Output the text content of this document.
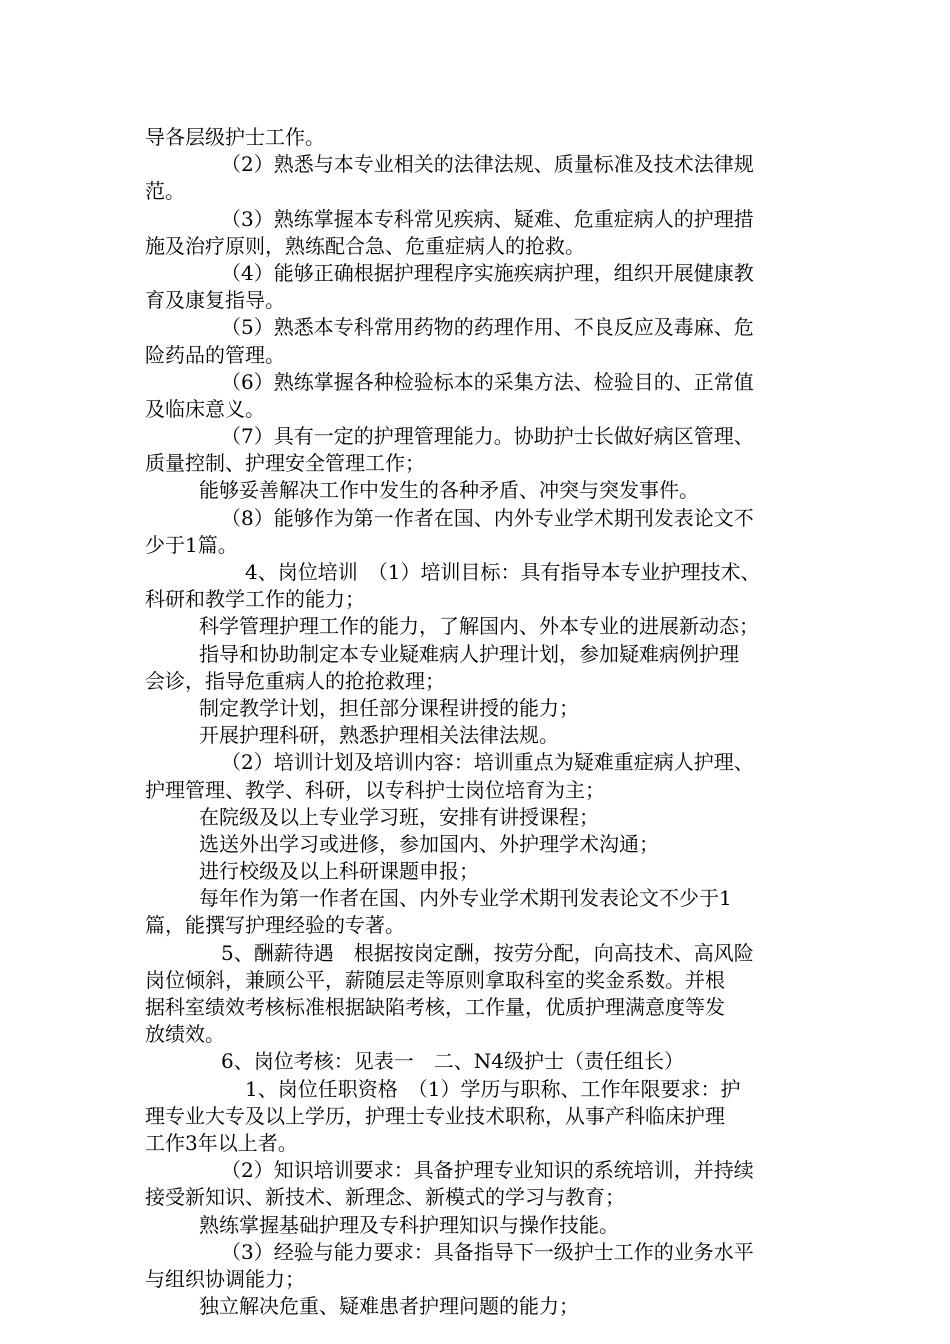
导各层级护士工作。
（2）熟悉与本专业相关的法律法规、质量标准及技术法律规
范。
（3）熟练掌握本专科常见疾病、疑难、危重症病人的护理措
施及治疗原则，熟练配合急、危重症病人的抢救。
（4）能够正确根据护理程序实施疾病护理，组织开展健康教
育及康复指导。
（5）熟悉本专科常用药物的药理作用、不良反应及毒麻、危
险药品的管理。
（6）熟练掌握各种检验标本的采集方法、检验目的、正常值
及临床意义。
（7）具有一定的护理管理能力。协助护士长做好病区管理、
质量控制、护理安全管理工作；
能够妥善解决工作中发生的各种矛盾、冲突与突发事件。
（8）能够作为第一作者在国、内外专业学术期刊发表论文不
少于1篇。
4、岗位培训　（1）培训目标：具有指导本专业护理技术、
科研和教学工作的能力；
科学管理护理工作的能力，了解国内、外本专业的进展新动态；
指导和协助制定本专业疑难病人护理计划，参加疑难病例护理
会诊，指导危重病人的抢抢救理；
制定教学计划，担任部分课程讲授的能力；
开展护理科研，熟悉护理相关法律法规。
（2）培训计划及培训内容：培训重点为疑难重症病人护理、
护理管理、教学、科研，以专科护士岗位培育为主；
在院级及以上专业学习班，安排有讲授课程；
选送外出学习或进修，参加国内、外护理学术沟通；
进行校级及以上科研课题申报；
每年作为第一作者在国、内外专业学术期刊发表论文不少于1
篇，能撰写护理经验的专著。
5、酬薪待遇　根据按岗定酬，按劳分配，向高技术、高风险
岗位倾斜，兼顾公平，薪随层走等原则拿取科室的奖金系数。并根
据科室绩效考核标准根据缺陷考核，工作量，优质护理满意度等发
放绩效。
6、岗位考核：见表一　二、N4级护士（责任组长）
1、岗位任职资格　（1）学历与职称、工作年限要求：护
理专业大专及以上学历，护理士专业技术职称，从事产科临床护理
工作3年以上者。
（2）知识培训要求：具备护理专业知识的系统培训，并持续
接受新知识、新技术、新理念、新模式的学习与教育；
熟练掌握基础护理及专科护理知识与操作技能。
（3）经验与能力要求：具备指导下一级护士工作的业务水平
与组织协调能力；
独立解决危重、疑难患者护理问题的能力；
